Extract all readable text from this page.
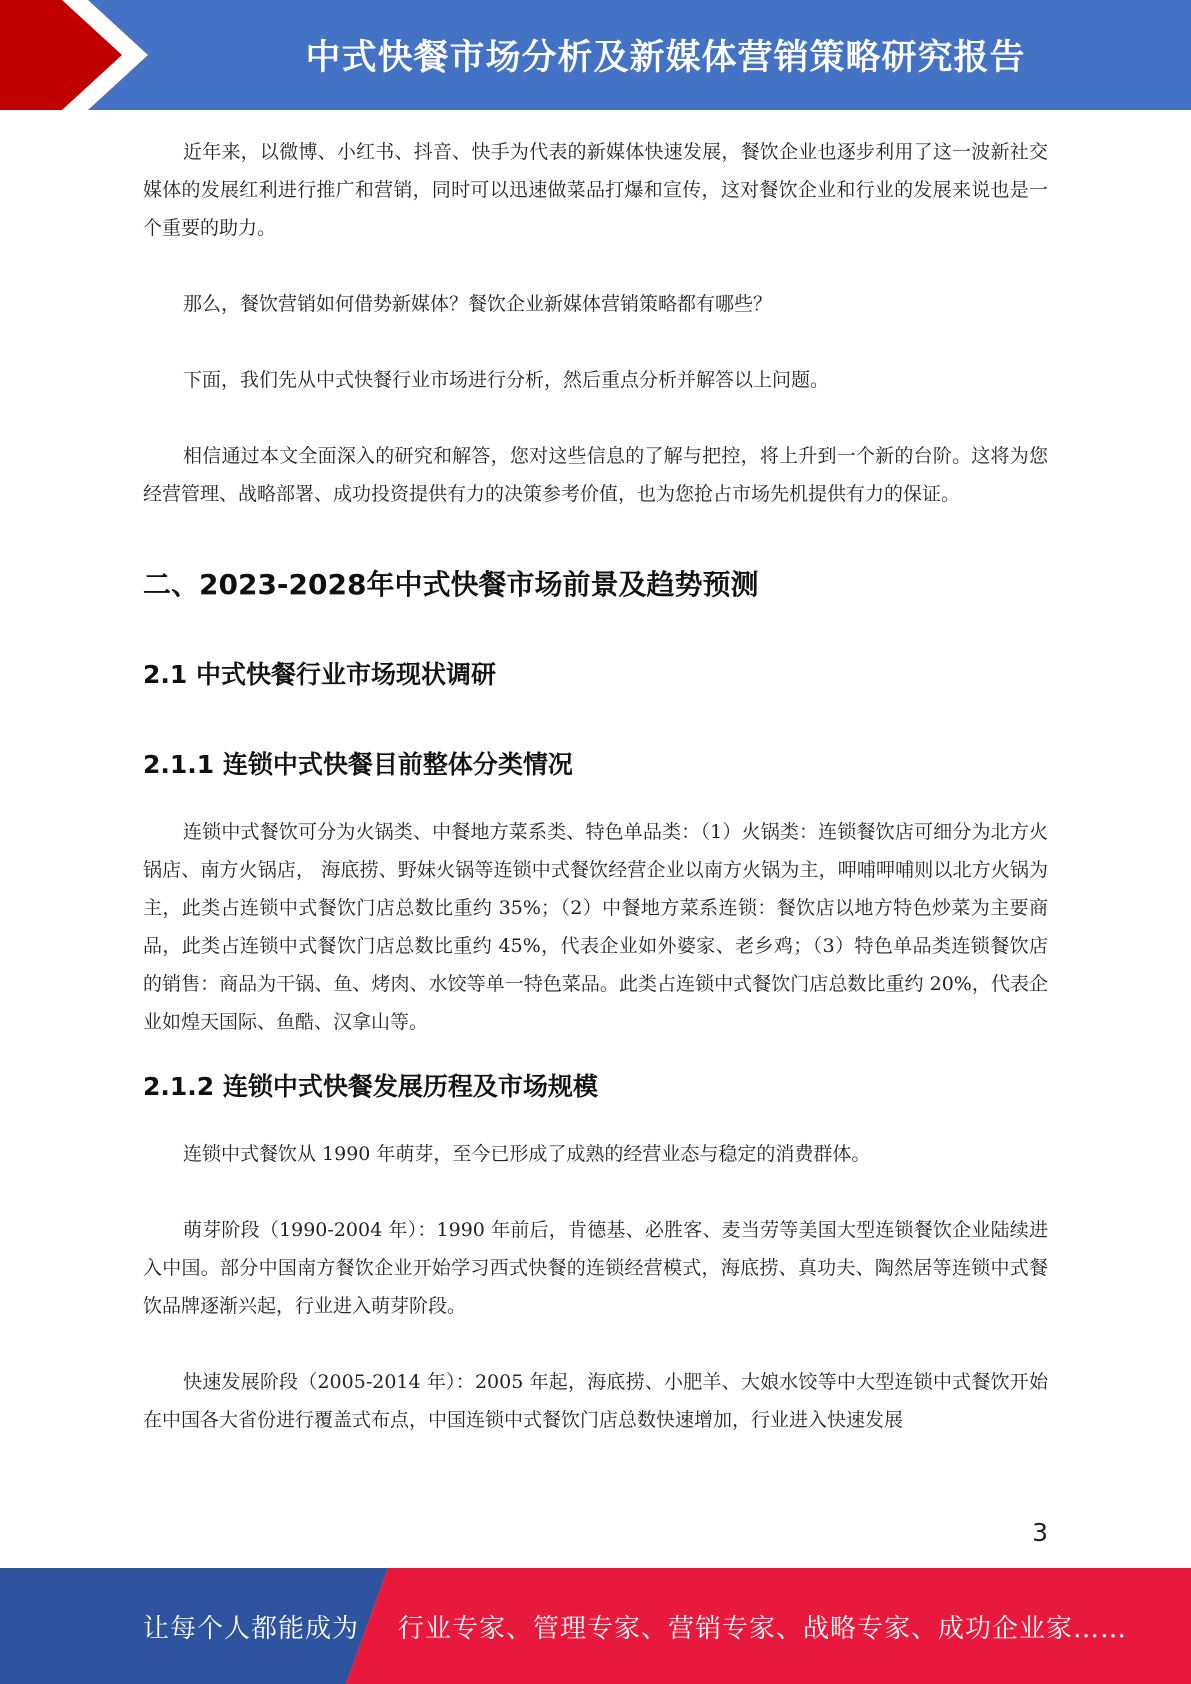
中式快餐市场分析及新媒体营销策略研究报告

近年来，以微博、小红书、抖音、快手为代表的新媒体快速发展，餐饮企业也逐步利用了这一波新社交媒体的发展红利进行推广和营销，同时可以迅速做菜品打爆和宣传，这对餐饮企业和行业的发展来说也是一个重要的助力。

那么，餐饮营销如何借势新媒体？餐饮企业新媒体营销策略都有哪些？

下面，我们先从中式快餐行业市场进行分析，然后重点分析并解答以上问题。

相信通过本文全面深入的研究和解答，您对这些信息的了解与把控，将上升到一个新的台阶。这将为您经营管理、战略部署、成功投资提供有力的决策参考价值，也为您抢占市场先机提供有力的保证。

二、2023-2028年中式快餐市场前景及趋势预测
2.1 中式快餐行业市场现状调研
2.1.1 连锁中式快餐目前整体分类情况

连锁中式餐饮可分为火锅类、中餐地方菜系类、特色单品类：（1）火锅类：连锁餐饮店可细分为北方火锅店、南方火锅店， 海底捞、野妹火锅等连锁中式餐饮经营企业以南方火锅为主，呷哺呷哺则以北方火锅为主，此类占连锁中式餐饮门店总数比重约 35%；（2）中餐地方菜系连锁：餐饮店以地方特色炒菜为主要商品，此类占连锁中式餐饮门店总数比重约 45%，代表企业如外婆家、老乡鸡；（3）特色单品类连锁餐饮店的销售：商品为干锅、鱼、烤肉、水饺等单一特色菜品。此类占连锁中式餐饮门店总数比重约 20%，代表企业如煌天国际、鱼酷、汉拿山等。

2.1.2 连锁中式快餐发展历程及市场规模

连锁中式餐饮从 1990 年萌芽，至今已形成了成熟的经营业态与稳定的消费群体。

萌芽阶段（1990-2004 年）：1990 年前后，肯德基、必胜客、麦当劳等美国大型连锁餐饮企业陆续进入中国。部分中国南方餐饮企业开始学习西式快餐的连锁经营模式，海底捞、真功夫、陶然居等连锁中式餐饮品牌逐渐兴起，行业进入萌芽阶段。

快速发展阶段（2005-2014 年）：2005 年起，海底捞、小肥羊、大娘水饺等中大型连锁中式餐饮开始在中国各大省份进行覆盖式布点，中国连锁中式餐饮门店总数快速增加，行业进入快速发展

3
让每个人都能成为 行业专家、管理专家、营销专家、战略专家、成功企业家……
